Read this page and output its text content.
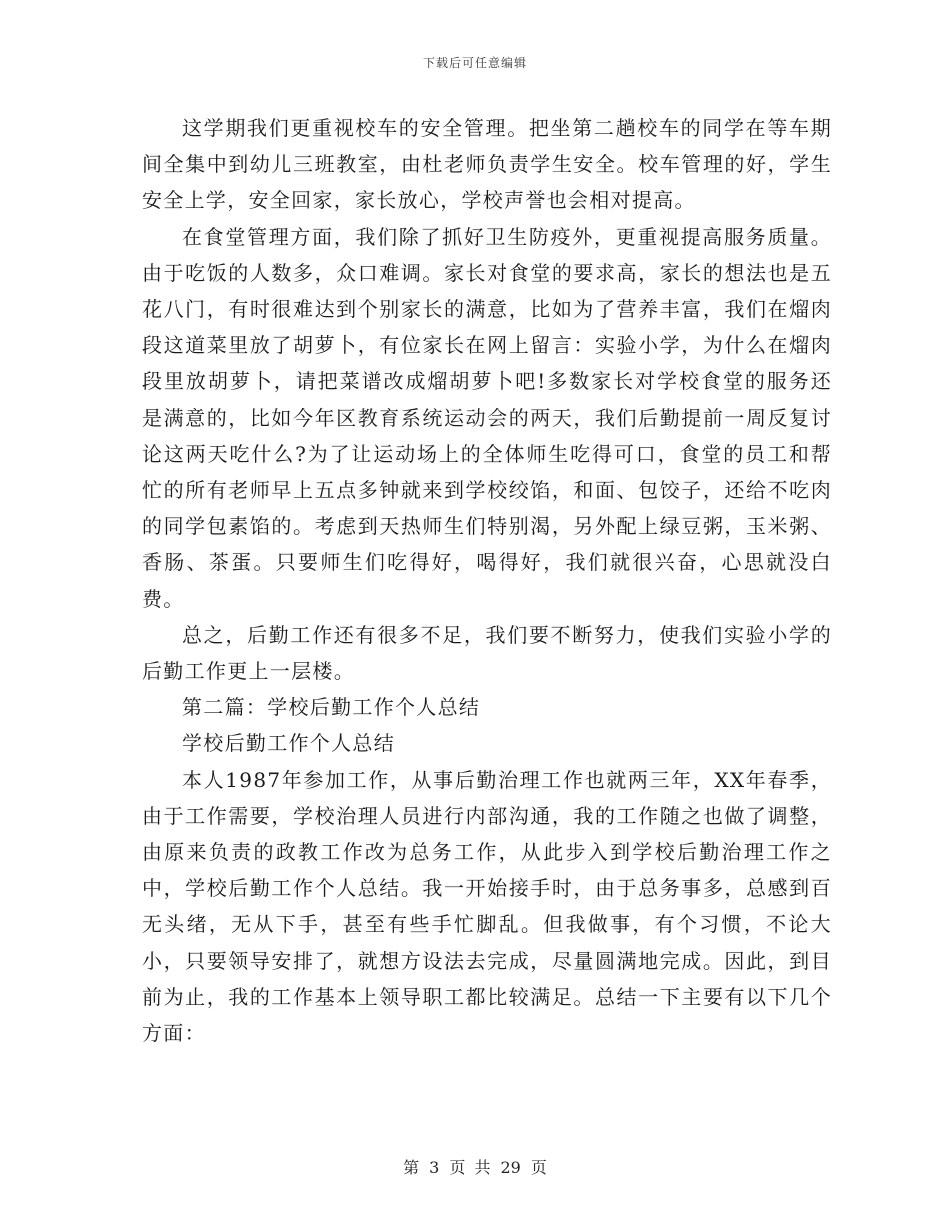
下载后可任意编辑

这学期我们更重视校车的安全管理。把坐第二趟校车的同学在等车期间全集中到幼儿三班教室，由杜老师负责学生安全。校车管理的好，学生安全上学，安全回家，家长放心，学校声誉也会相对提高。

在食堂管理方面，我们除了抓好卫生防疫外，更重视提高服务质量。由于吃饭的人数多，众口难调。家长对食堂的要求高，家长的想法也是五花八门，有时很难达到个别家长的满意，比如为了营养丰富，我们在熘肉段这道菜里放了胡萝卜，有位家长在网上留言：实验小学，为什么在熘肉段里放胡萝卜，请把菜谱改成熘胡萝卜吧!多数家长对学校食堂的服务还是满意的，比如今年区教育系统运动会的两天，我们后勤提前一周反复讨论这两天吃什么?为了让运动场上的全体师生吃得可口，食堂的员工和帮忙的所有老师早上五点多钟就来到学校绞馅，和面、包饺子，还给不吃肉的同学包素馅的。考虑到天热师生们特别渴，另外配上绿豆粥，玉米粥、香肠、茶蛋。只要师生们吃得好，喝得好，我们就很兴奋，心思就没白费。

总之，后勤工作还有很多不足，我们要不断努力，使我们实验小学的后勤工作更上一层楼。

第二篇：学校后勤工作个人总结

学校后勤工作个人总结

本人1987年参加工作，从事后勤治理工作也就两三年，XX年春季，由于工作需要，学校治理人员进行内部沟通，我的工作随之也做了调整，由原来负责的政教工作改为总务工作，从此步入到学校后勤治理工作之中，学校后勤工作个人总结。我一开始接手时，由于总务事多，总感到百无头绪，无从下手，甚至有些手忙脚乱。但我做事，有个习惯，不论大小，只要领导安排了，就想方设法去完成，尽量圆满地完成。因此，到目前为止，我的工作基本上领导职工都比较满足。总结一下主要有以下几个方面：

第 3 页 共 29 页
